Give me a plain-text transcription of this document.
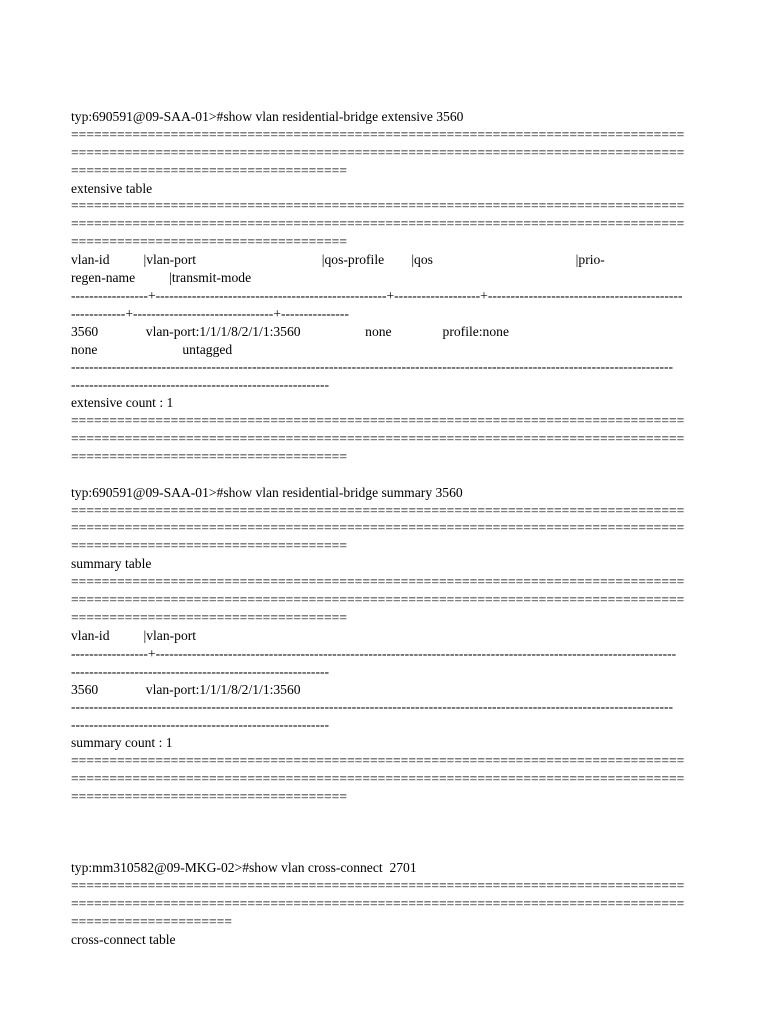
typ:690591@09-SAA-01>#show vlan residential-bridge extensive 3560
================================================================================
================================================================================
====================================
extensive table
================================================================================
================================================================================
====================================
vlan-id          |vlan-port                                     |qos-profile        |qos                                          |prio-
regen-name          |transmit-mode
-----------------+---------------------------------------------------+-------------------+-------------------------------------------
------------+-------------------------------+---------------
3560              vlan-port:1/1/1/8/2/1/1:3560                   none               profile:none
none                         untagged
-------------------------------------------------------------------------------------------------------------------------------------
---------------------------------------------------------
extensive count : 1
================================================================================
================================================================================
====================================
typ:690591@09-SAA-01>#show vlan residential-bridge summary 3560
================================================================================
================================================================================
====================================
summary table
================================================================================
================================================================================
====================================
vlan-id          |vlan-port
-----------------+-------------------------------------------------------------------------------------------------------------------
---------------------------------------------------------
3560              vlan-port:1/1/1/8/2/1/1:3560
-------------------------------------------------------------------------------------------------------------------------------------
---------------------------------------------------------
summary count : 1
================================================================================
================================================================================
====================================
typ:mm310582@09-MKG-02>#show vlan cross-connect  2701
================================================================================
================================================================================
=====================
cross-connect table
